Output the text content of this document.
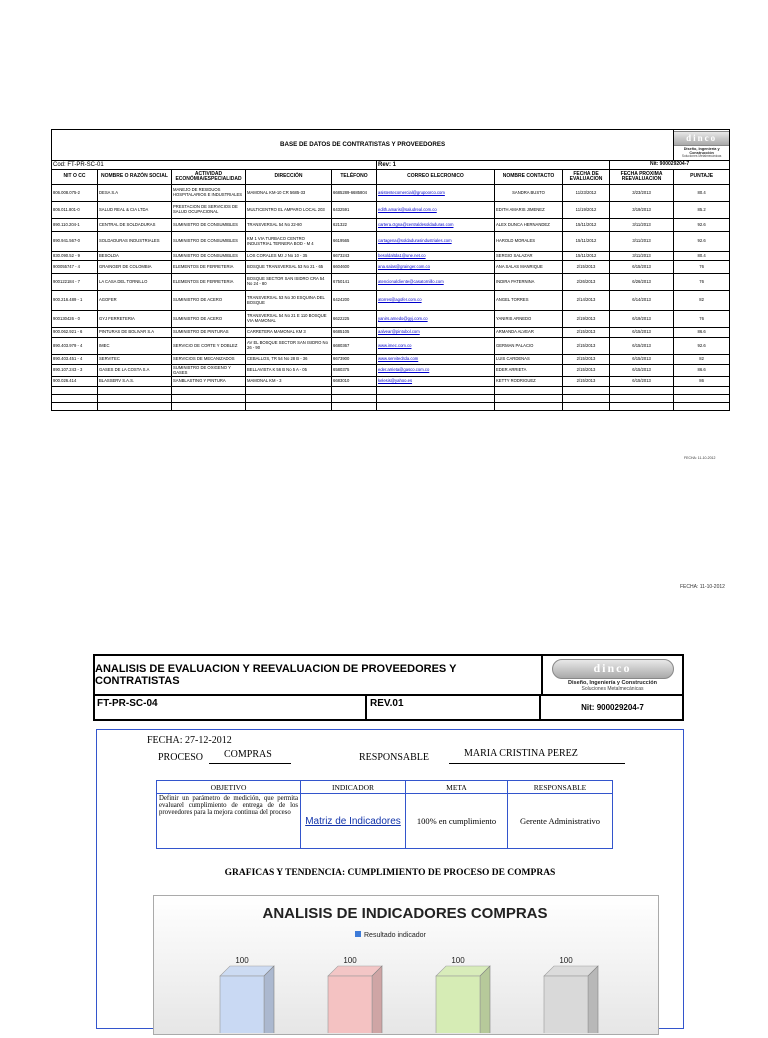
BASE DE DATOS DE CONTRATISTAS Y PROVEEDORES									dinco
Diseño, Ingeniería y Construcción
Soluciones Metalmecánicas

Cod: FT-PR-SC-01					Rev: 1			Nit: 900029204-7	
NIT O CC	NOMBRE O RAZÓN SOCIAL	ACTIVIDAD ECONÓMIA/ESPECIALIDAD	DIRECCIÓN	TELÉFONO	CORREO ELECRONICO	NOMBRE CONTACTO	FECHA DE EVALUACION	FECHA PROXIMA REEVALUACION	PUNTAJE
806.008.075-2	DESA S.A	MANEJO DE RESIDUOS HOSPITALARIOS E INDUSTRIALES	MAMONAL KM-10 CR 5685-33	6685289-6685804	asistentecomercial@grupoorco.com	SANDRA BUSTO	11/23/2012	3/23/2013	80.4
806.011.801-0	SALUD REAL & CIA LTDA	PRESTACION DE SERVICIOS DE SALUD OCUPACIONAL	MULTICENTRO EL AMPARO LOCAL 203	6432591	edith.amaris@saludreal.com.co	EDITH AMARIS JIMENEZ	11/19/2012	3/19/2013	85.2
890.110.204-1	CENTRAL DE SOLDADURAS	SUMINISTRO DE CONSUMIBLES	TRANSVERSAL 54 No 22-80	621322	cartera.ctgna@centraldesoldaduras.com	ALEX DUNCA HERNANDEZ	15/11/2012	3/11/2013	92.6
890.941.567-0	SOLDADURAS INDUSTRIALES	SUMINISTRO DE CONSUMIBLES	KM 1 VIA TURBACO CENTRO INDUSTRIAL TERNERA BOD - M 4	6619565	cartagena@soldadurasindustriales.com	HAROLD MORALES	15/11/2012	3/11/2013	92.6
830.090.52 - 9	BESOLDA	SUMINISTRO DE CONSUMIBLES	LOS CORALES Mz J No 10 - 35	6673243	besoldaltda1@une.net.co	SERGIO SALAZAR	15/11/2012	3/11/2013	80.4
900055747 - 4	GRAINGER DE COLOMBIA	ELEMENTOS DE FERRETERIA	BOSQUE TRANSVERSAL 53 No 21 - 65	6604600	ana.salas@grainger.com.co	ANA SALAS MANRIQUE	2/15/2013	6/15/2013	76
900122184 - 7	LA CASA DEL TORNILLO	ELEMENTOS DE FERRETERIA	BOSQUE SECTOR SAN ISIDRO CRA 54 No 24 - 80	6750141	atencionalcliente@casatornillo.com	INDIRA PATERNINA	2/26/2013	6/26/2013	76
900.216.489 - 1	AGOFER	SUMINISTRO DE ACERO	TRANSVERSAL 53 No 30 ESQUINA DEL BOSQUE	6424200	atorres@agofer.com.co	ANGEL TORRES	2/14/2013	6/14/2013	82
900130426 - 0	GYJ FERRETERIA	SUMINISTRO DE ACERO	TRANSVERSAL 54 No 21 E 110 BOSQUE VIA MAMONAL	6622225	yanirs.arnedo@gyj.com.co	YANIRIS ARNEDO	2/19/2013	6/19/2013	76
900.062.921 - 6	PINTURAS DE BOLIVAR S.A	SUMINISTRO DE PINTURAS	CARRETERA MAMONAL KM 3	6685105	aalvear@pintubol.com	ARMANDA ALVEAR	2/15/2013	6/15/2013	86.6
890.403.979 - 4	IMEC	SERVICIO DE CORTE Y DOBLEZ	AV EL BOSQUE SECTOR SAN ISIDRO No 26 - 90	6680367	www.imec.com.co	GERMAN PALACIO	2/15/2013	6/15/2013	92.6
890.403.451 - 4	SERVITEC	SERVICIOS DE MECANIZADOS	CEBALLOS, TR 54 No 28 B - 36	6673900	www.servitecltda.com	LUIS CARDENAS	2/15/2013	6/15/2013	82
890.107.243 - 3	GASES DE LA COSTA S.A	SUMINISTRO DE OXIGENO Y GASES	BELLAVISTA K 56 B No 5 A - 05	6580375	eder.arrieta@gasco.com.co	EDER ARRIETA	2/15/2013	6/15/2013	86.6
900.026.414	BLASSERV S.A.S.	SANBLASTING Y PINTURA	MAMONAL KM - 3	6683010	kelesis@yahoo.es	KETTY RODRIGUEZ	2/15/2013	6/15/2013	86

FECHA: 11-10-2012
FECHA: 11-10-2012
ANALISIS DE EVALUACION Y REEVALUACION DE PROVEEDORES Y CONTRATISTAS
dinco
Diseño, Ingeniería y Construcción
Soluciones Metalmecánicas
FT-PR-SC-04	REV.01	Nit: 900029204-7
FECHA: 27-12-2012
PROCESO COMPRAS	RESPONSABLE	MARIA CRISTINA PEREZ
OBJETIVO	INDICADOR	META	RESPONSABLE
Definir un parámetro de medición, que permita evaluarel cumplimiento de entrega de de los proveedores para la mejora continua del proceso	Matriz de Indicadores	100% en cumplimiento	Gerente Administrativo
GRAFICAS Y TENDENCIA: CUMPLIMIENTO DE PROCESO DE COMPRAS
ANALISIS DE INDICADORES COMPRAS
Resultado indicador
100	100	100	100
